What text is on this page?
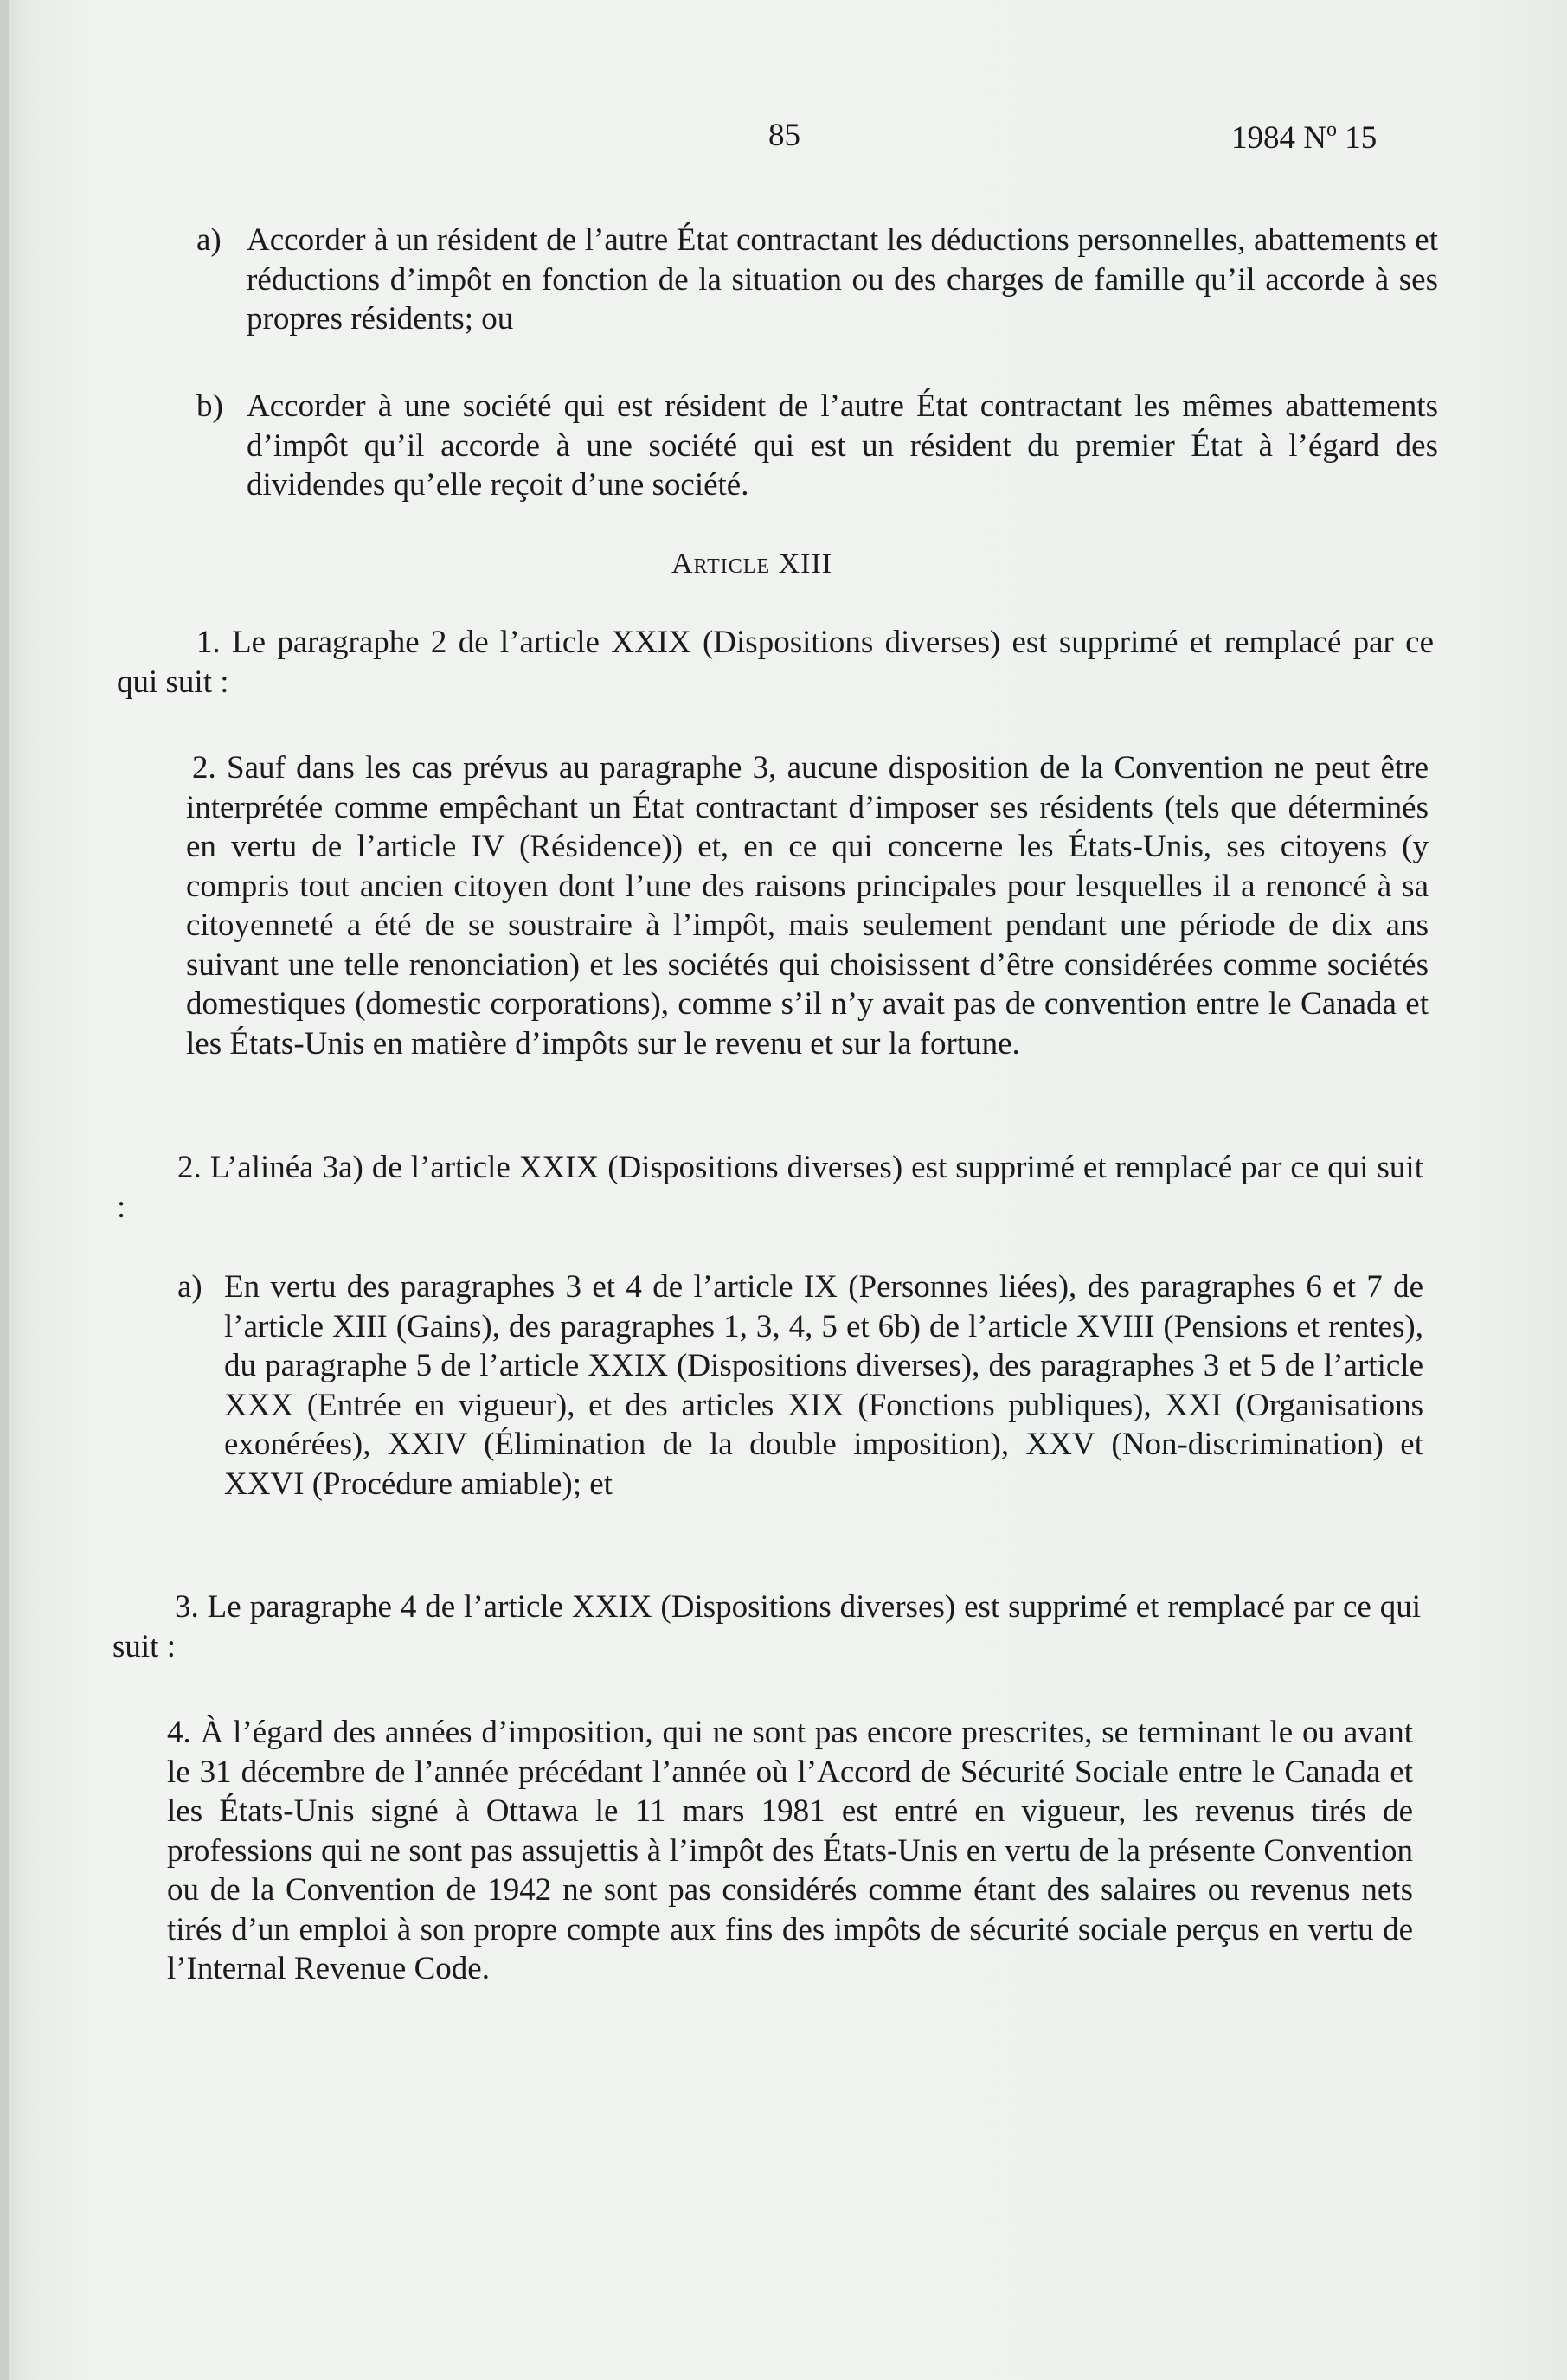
85	1984 $N^o$ 15
a) Accorder à un résident de l’autre État contractant les déductions personnelles, abattements et réductions d’impôt en fonction de la situation ou des charges de famille qu’il accorde à ses propres résidents; ou
b) Accorder à une société qui est résident de l’autre État contractant les mêmes abattements d’impôt qu’il accorde à une société qui est un résident du premier État à l’égard des dividendes qu’elle reçoit d’une société.
Article XIII
1. Le paragraphe 2 de l’article XXIX (Dispositions diverses) est supprimé et remplacé par ce qui suit :
2. Sauf dans les cas prévus au paragraphe 3, aucune disposition de la Convention ne peut être interprétée comme empêchant un État contractant d’imposer ses résidents (tels que déterminés en vertu de l’article IV (Résidence)) et, en ce qui concerne les États-Unis, ses citoyens (y compris tout ancien citoyen dont l’une des raisons principales pour lesquelles il a renoncé à sa citoyenneté a été de se soustraire à l’impôt, mais seulement pendant une période de dix ans suivant une telle renonciation) et les sociétés qui choisissent d’être considérées comme sociétés domestiques (domestic corporations), comme s’il n’y avait pas de convention entre le Canada et les États-Unis en matière d’impôts sur le revenu et sur la fortune.
2. L’alinéa 3a) de l’article XXIX (Dispositions diverses) est supprimé et remplacé par ce qui suit :
a) En vertu des paragraphes 3 et 4 de l’article IX (Personnes liées), des paragraphes 6 et 7 de l’article XIII (Gains), des paragraphes 1, 3, 4, 5 et 6b) de l’article XVIII (Pensions et rentes), du paragraphe 5 de l’article XXIX (Dispositions diverses), des paragraphes 3 et 5 de l’article XXX (Entrée en vigueur), et des articles XIX (Fonctions publiques), XXI (Organisations exonérées), XXIV (Élimination de la double imposition), XXV (Non-discrimination) et XXVI (Procédure amiable); et
3. Le paragraphe 4 de l’article XXIX (Dispositions diverses) est supprimé et remplacé par ce qui suit :
4. À l’égard des années d’imposition, qui ne sont pas encore prescrites, se terminant le ou avant le 31 décembre de l’année précédant l’année où l’Accord de Sécurité Sociale entre le Canada et les États-Unis signé à Ottawa le 11 mars 1981 est entré en vigueur, les revenus tirés de professions qui ne sont pas assujettis à l’impôt des États-Unis en vertu de la présente Convention ou de la Convention de 1942 ne sont pas considérés comme étant des salaires ou revenus nets tirés d’un emploi à son propre compte aux fins des impôts de sécurité sociale perçus en vertu de l’Internal Revenue Code.
